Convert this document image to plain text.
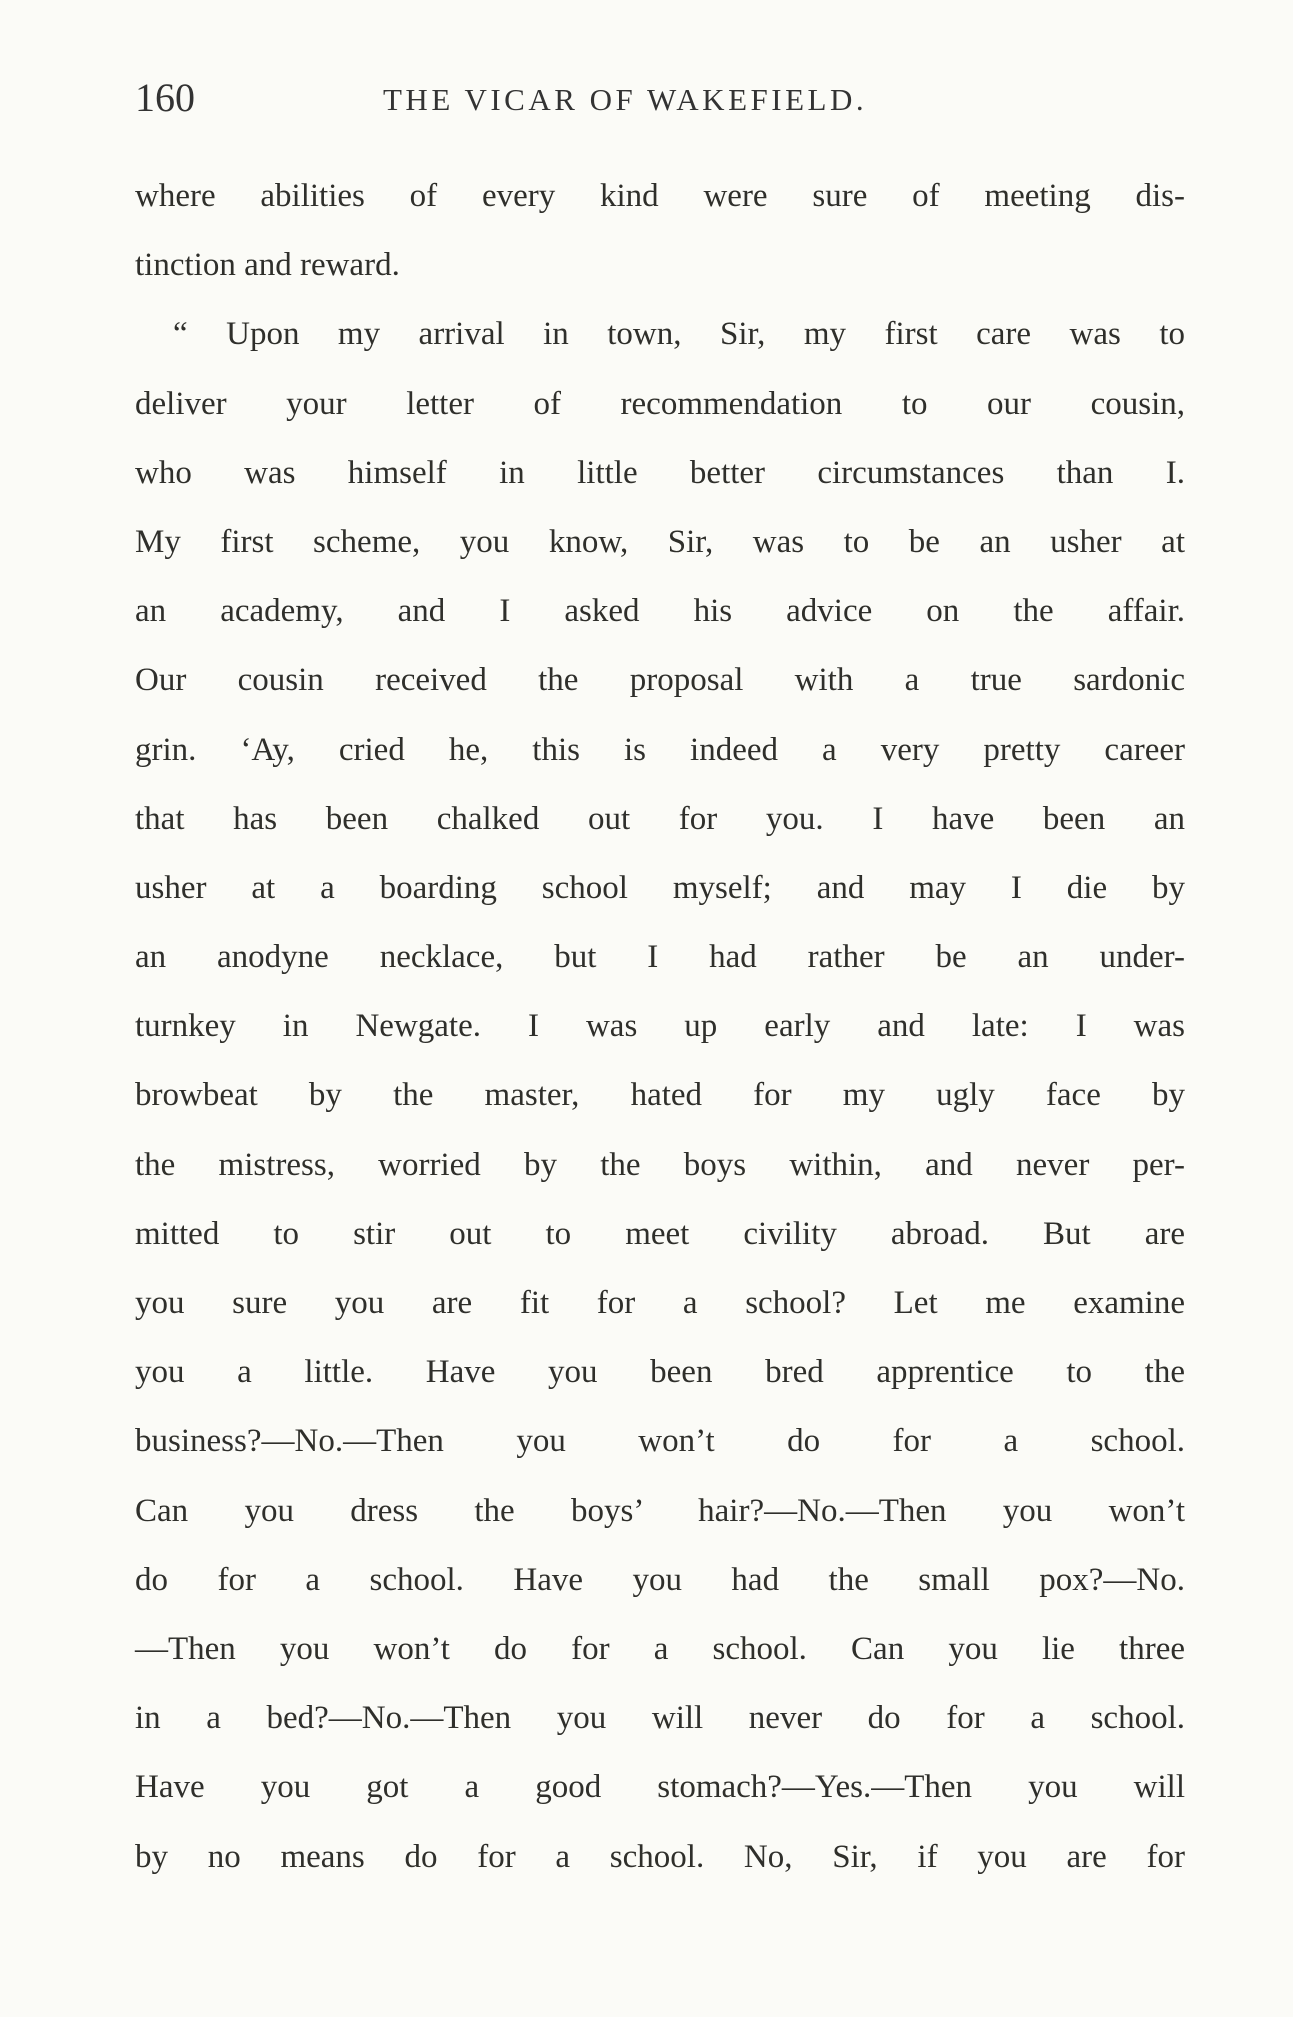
160	THE VICAR OF WAKEFIELD.
where abilities of every kind were sure of meeting dis-
tinction and reward.
“ Upon my arrival in town, Sir, my first care was to
deliver your letter of recommendation to our cousin,
who was himself in little better circumstances than I.
My first scheme, you know, Sir, was to be an usher at
an academy, and I asked his advice on the affair.
Our cousin received the proposal with a true sardonic
grin. ‘Ay, cried he, this is indeed a very pretty career
that has been chalked out for you. I have been an
usher at a boarding school myself; and may I die by
an anodyne necklace, but I had rather be an under-
turnkey in Newgate. I was up early and late: I was
browbeat by the master, hated for my ugly face by
the mistress, worried by the boys within, and never per-
mitted to stir out to meet civility abroad. But are
you sure you are fit for a school? Let me examine
you a little. Have you been bred apprentice to the
business?—No.—Then you won’t do for a school.
Can you dress the boys’ hair?—No.—Then you won’t
do for a school. Have you had the small pox?—No.
—Then you won’t do for a school. Can you lie three
in a bed?—No.—Then you will never do for a school.
Have you got a good stomach?—Yes.—Then you will
by no means do for a school. No, Sir, if you are for
